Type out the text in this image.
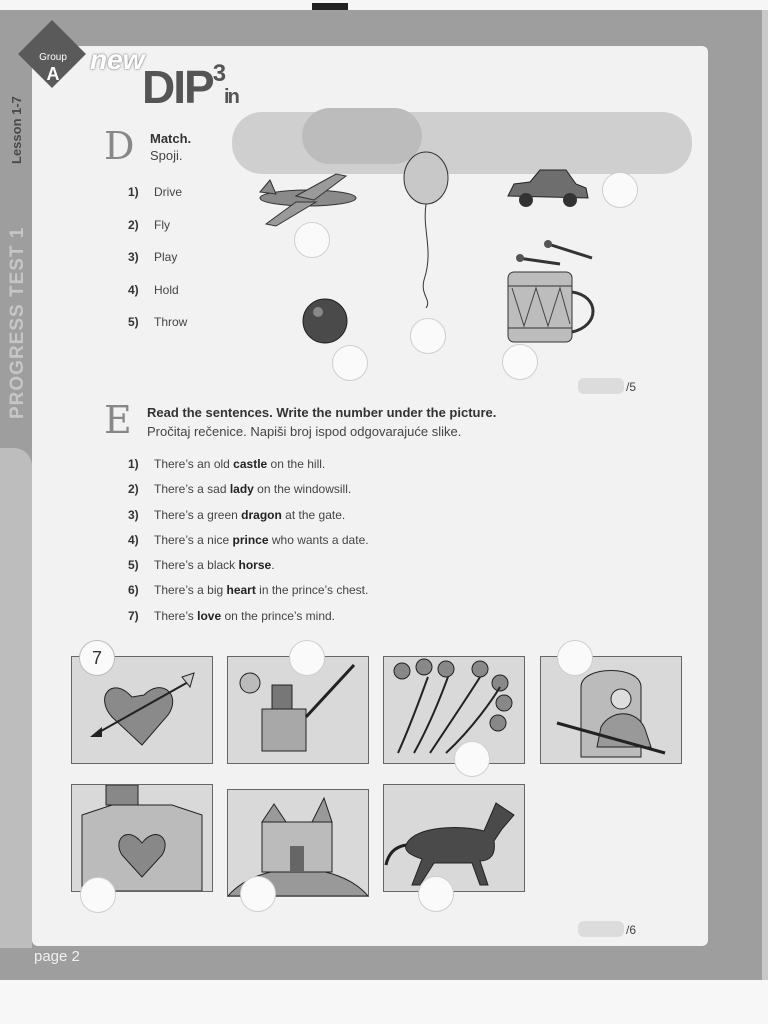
Group
A	new
DIP$^3$in
PROGRESS TEST 1
Lesson 1-7
page 2
D Match.
Spoji.
1) Drive
2) Fly
3) Play
4) Hold
5) Throw
/5
E Read the sentences. Write the number under the picture.
Pročitaj rečenice. Napiši broj ispod odgovarajuće slike.
1) There’s an old castle on the hill.
2) There’s a sad lady on the windowsill.
3) There’s a green dragon at the gate.
4) There’s a nice prince who wants a date.
5) There’s a black horse.
6) There’s a big heart in the prince’s chest.
7) There’s love on the prince’s mind.
7
/6
